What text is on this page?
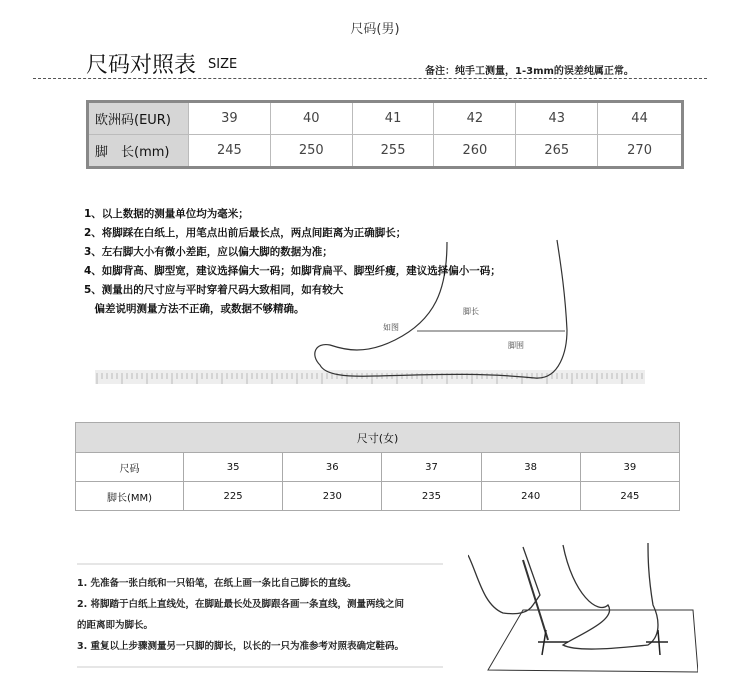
尺码(男)
尺码对照表 SIZE	备注：纯手工测量，1-3mm的误差纯属正常。
欧洲码(EUR)	39	40	41	42	43	44
脚　长(mm)	245	250	255	260	265	270
脚长
如图
脚围
1、以上数据的测量单位均为毫米；
2、将脚踩在白纸上，用笔点出前后最长点，两点间距离为正确脚长；
3、左右脚大小有微小差距，应以偏大脚的数据为准；
4、如脚背高、脚型宽，建议选择偏大一码；如脚背扁平、脚型纤瘦，建议选择偏小一码；
5、测量出的尺寸应与平时穿着尺码大致相同，如有较大
　偏差说明测量方法不正确，或数据不够精确。
尺寸(女)					
尺码	35	36	37	38	39
脚长(MM)	225	230	235	240	245
1. 先准备一张白纸和一只铅笔，在纸上画一条比自己脚长的直线。
2. 将脚踏于白纸上直线处，在脚趾最长处及脚跟各画一条直线，测量两线之间
的距离即为脚长。
3. 重复以上步骤测量另一只脚的脚长，以长的一只为准参考对照表确定鞋码。
